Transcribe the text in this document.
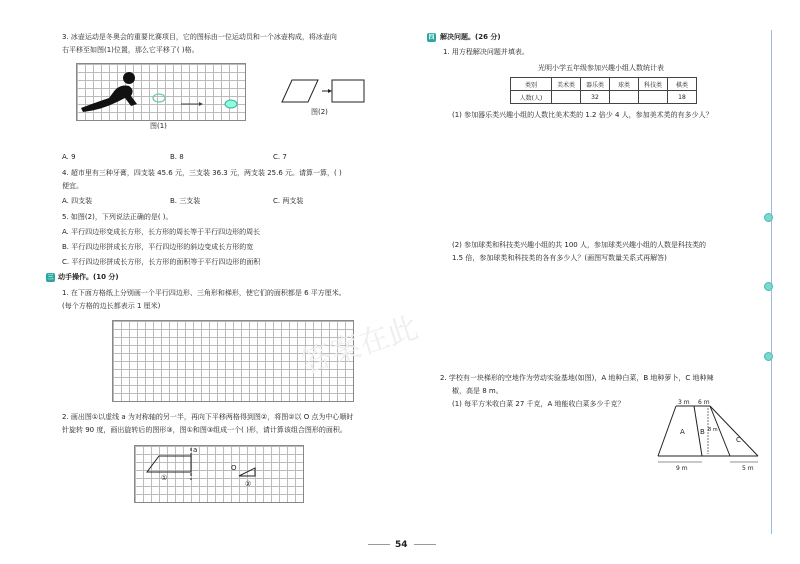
3. 冰壶运动是冬奥会的重要比赛项目，它的图标由一位运动员和一个冰壶构成，将冰壶向
右平移至如图(1)位置，那么它平移了( )格。
图(1)
图(2)
A. 9	B. 8	C. 7
4. 超市里有三种牙膏，四支装 45.6 元，三支装 36.3 元，两支装 25.6 元。请算一算，( )
便宜。
A. 四支装	B. 三支装	C. 两支装
5. 如图(2)，下列说法正确的是( )。
A. 平行四边形变成长方形，长方形的周长等于平行四边形的周长
B. 平行四边形拼成长方形，平行四边形的斜边变成长方形的宽
C. 平行四边形拼成长方形，长方形的面积等于平行四边形的面积
三 动手操作。(10 分)
1. 在下面方格纸上分别画一个平行四边形、三角形和梯形，使它们的面积都是 6 平方厘米。
(每个方格的边长都表示 1 厘米)
2. 画出图①以虚线 a 为对称轴的另一半，再向下平移两格得到图②，将图②以 O 点为中心顺时
针旋转 90 度，画出旋转后的图形③，图①和图③组成一个( )形，请计算该组合图形的面积。
a
①
O
②
答案在此
四 解决问题。(26 分)
1. 用方程解决问题并填表。
光明小学五年级参加兴趣小组人数统计表
类别	美术类	器乐类	球类	科技类	棋类
人数(人)		32			18
(1) 参加器乐类兴趣小组的人数比美术类的 1.2 倍少 4 人，参加美术类的有多少人？
(2) 参加球类和科技类兴趣小组的共 100 人，参加球类兴趣小组的人数是科技类的
1.5 倍，参加球类和科技类的各有多少人？(画图写数量关系式再解答)
2. 学校有一块梯形的空地作为劳动实验基地(如图)，A 地种白菜，B 地种萝卜，C 地种辣
椒，高是 8 m。
(1) 每平方米收白菜 27 千克，A 地能收白菜多少千克？	3 m 6 m
A B 8 m
C
9 m	5 m
54
